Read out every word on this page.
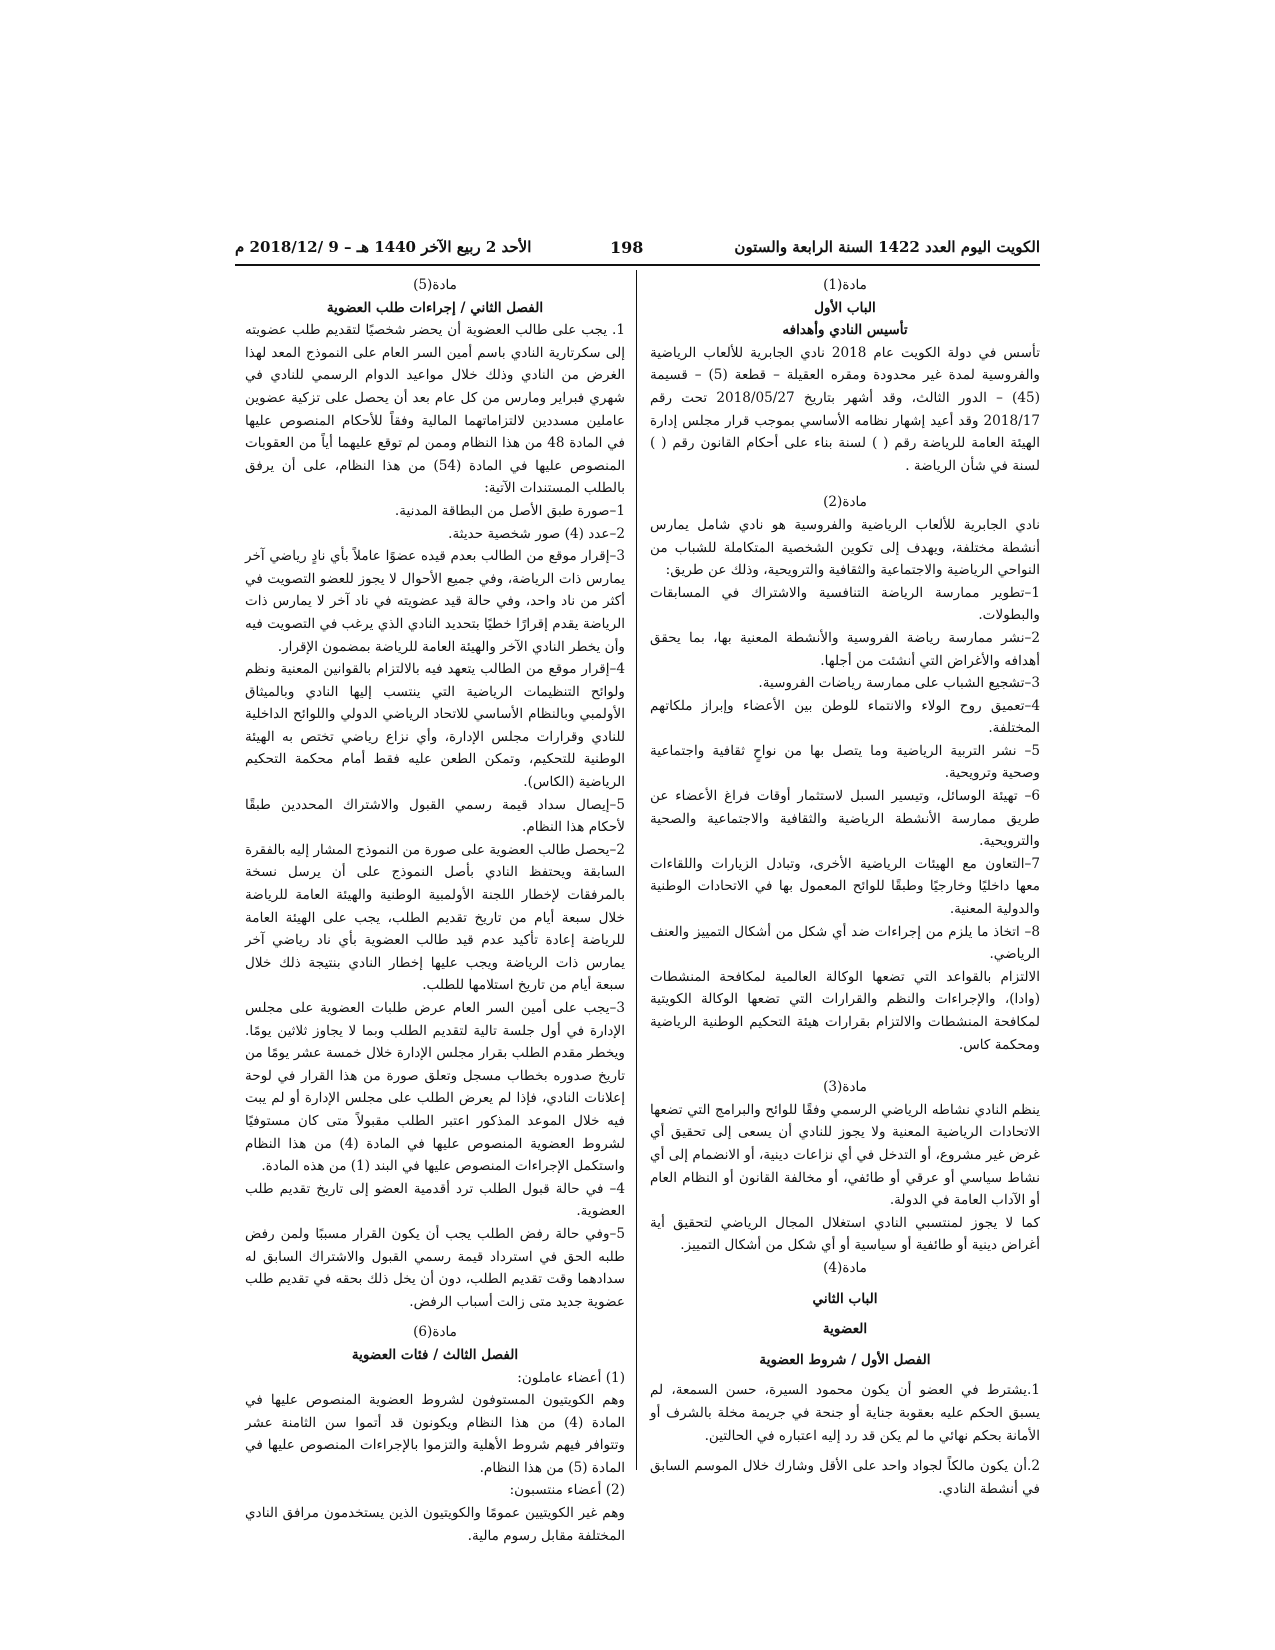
الكويت اليوم العدد 1422 السنة الرابعة والستون
198
الأحد 2 ربيع الآخر 1440 هـ – 9 /2018/12 م

مادة(1)

الباب الأول

تأسيس النادي وأهدافه

تأسس في دولة الكويت عام 2018 نادي الجابرية للألعاب الرياضية والفروسية لمدة غير محدودة ومقره العقيلة – قطعة (5) – قسيمة (45) – الدور الثالث، وقد أشهر بتاريخ 2018/05/27 تحت رقم 2018/17 وقد أعيد إشهار نظامه الأساسي بموجب قرار مجلس إدارة الهيئة العامة للرياضة رقم ( ) لسنة بناء على أحكام القانون رقم ( ) لسنة في شأن الرياضة .

مادة(2)

نادي الجابرية للألعاب الرياضية والفروسية هو نادي شامل يمارس أنشطة مختلفة، ويهدف إلى تكوين الشخصية المتكاملة للشباب من النواحي الرياضية والاجتماعية والثقافية والترويحية، وذلك عن طريق:

1–تطوير ممارسة الرياضة التنافسية والاشتراك في المسابقات والبطولات.

2–نشر ممارسة رياضة الفروسية والأنشطة المعنية بها، بما يحقق أهدافه والأغراض التي أنشئت من أجلها.

3–تشجيع الشباب على ممارسة رياضات الفروسية.

4–تعميق روح الولاء والانتماء للوطن بين الأعضاء وإبراز ملكاتهم المختلفة.

5– نشر التربية الرياضية وما يتصل بها من نواحٍ ثقافية واجتماعية وصحية وترويحية.

6– تهيئة الوسائل، وتيسير السبل لاستثمار أوقات فراغ الأعضاء عن طريق ممارسة الأنشطة الرياضية والثقافية والاجتماعية والصحية والترويحية.

7–التعاون مع الهيئات الرياضية الأخرى، وتبادل الزيارات واللقاءات معها داخليًا وخارجيًا وطبقًا للوائح المعمول بها في الاتحادات الوطنية والدولية المعنية.

8– اتخاذ ما يلزم من إجراءات ضد أي شكل من أشكال التمييز والعنف الرياضي.

الالتزام بالقواعد التي تضعها الوكالة العالمية لمكافحة المنشطات (وادا)، والإجراءات والنظم والقرارات التي تضعها الوكالة الكويتية لمكافحة المنشطات والالتزام بقرارات هيئة التحكيم الوطنية الرياضية ومحكمة كاس.

مادة(3)

ينظم النادي نشاطه الرياضي الرسمي وفقًا للوائح والبرامج التي تضعها الاتحادات الرياضية المعنية ولا يجوز للنادي أن يسعى إلى تحقيق أي غرض غير مشروع، أو التدخل في أي نزاعات دينية، أو الانضمام إلى أي نشاط سياسي أو عرقي أو طائفي، أو مخالفة القانون أو النظام العام أو الآداب العامة في الدولة.

كما لا يجوز لمنتسبي النادي استغلال المجال الرياضي لتحقيق أية أغراض دينية أو طائفية أو سياسية أو أي شكل من أشكال التمييز.

مادة(4)

الباب الثاني

العضوية

الفصل الأول / شروط العضوية

1.يشترط في العضو أن يكون محمود السيرة، حسن السمعة، لم يسبق الحكم عليه بعقوبة جناية أو جنحة في جريمة مخلة بالشرف أو الأمانة بحكم نهائي ما لم يكن قد رد إليه اعتباره في الحالتين.

2.أن يكون مالكاً لجواد واحد على الأقل وشارك خلال الموسم السابق في أنشطة النادي.

مادة(5)

الفصل الثاني / إجراءات طلب العضوية

1. يجب على طالب العضوية أن يحضر شخصيًا لتقديم طلب عضويته إلى سكرتارية النادي باسم أمين السر العام على النموذج المعد لهذا الغرض من النادي وذلك خلال مواعيد الدوام الرسمي للنادي في شهري فبراير ومارس من كل عام بعد أن يحصل على تزكية عضوين عاملين مسددين لالتزاماتهما المالية وفقاً للأحكام المنصوص عليها في المادة 48 من هذا النظام وممن لم توقع عليهما أياً من العقوبات المنصوص عليها في المادة (54) من هذا النظام، على أن يرفق بالطلب المستندات الآتية:

1–صورة طبق الأصل من البطاقة المدنية.

2–عدد (4) صور شخصية حديثة.

3–إقرار موقع من الطالب بعدم قيده عضوًا عاملاً بأي نادٍ رياضي آخر يمارس ذات الرياضة، وفي جميع الأحوال لا يجوز للعضو التصويت في أكثر من ناد واحد، وفي حالة قيد عضويته في ناد آخر لا يمارس ذات الرياضة يقدم إقرارًا خطيًا بتحديد النادي الذي يرغب في التصويت فيه وأن يخطر النادي الآخر والهيئة العامة للرياضة بمضمون الإقرار.

4–إقرار موقع من الطالب يتعهد فيه بالالتزام بالقوانين المعنية ونظم ولوائح التنظيمات الرياضية التي ينتسب إليها النادي وبالميثاق الأولمبي وبالنظام الأساسي للاتحاد الرياضي الدولي واللوائح الداخلية للنادي وقرارات مجلس الإدارة، وأي نزاع رياضي تختص به الهيئة الوطنية للتحكيم، وتمكن الطعن عليه فقط أمام محكمة التحكيم الرياضية (الكاس).

5–إيصال سداد قيمة رسمي القبول والاشتراك المحددين طبقًا لأحكام هذا النظام.

2–يحصل طالب العضوية على صورة من النموذج المشار إليه بالفقرة السابقة ويحتفظ النادي بأصل النموذج على أن يرسل نسخة بالمرفقات لإخطار اللجنة الأولمبية الوطنية والهيئة العامة للرياضة خلال سبعة أيام من تاريخ تقديم الطلب، يجب على الهيئة العامة للرياضة إعادة تأكيد عدم قيد طالب العضوية بأي ناد رياضي آخر يمارس ذات الرياضة ويجب عليها إخطار النادي بنتيجة ذلك خلال سبعة أيام من تاريخ استلامها للطلب.

3–يجب على أمين السر العام عرض طلبات العضوية على مجلس الإدارة في أول جلسة تالية لتقديم الطلب وبما لا يجاوز ثلاثين يومًا. ويخطر مقدم الطلب بقرار مجلس الإدارة خلال خمسة عشر يومًا من تاريخ صدوره بخطاب مسجل وتعلق صورة من هذا القرار في لوحة إعلانات النادي، فإذا لم يعرض الطلب على مجلس الإدارة أو لم يبت فيه خلال الموعد المذكور اعتبر الطلب مقبولاً متى كان مستوفيًا لشروط العضوية المنصوص عليها في المادة (4) من هذا النظام واستكمل الإجراءات المنصوص عليها في البند (1) من هذه المادة.

4– في حالة قبول الطلب ترد أقدمية العضو إلى تاريخ تقديم طلب العضوية.

5–وفي حالة رفض الطلب يجب أن يكون القرار مسببًا ولمن رفض طلبه الحق في استرداد قيمة رسمي القبول والاشتراك السابق له سدادهما وقت تقديم الطلب، دون أن يخل ذلك بحقه في تقديم طلب عضوية جديد متى زالت أسباب الرفض.

مادة(6)

الفصل الثالث / فئات العضوية

(1) أعضاء عاملون:

وهم الكويتيون المستوفون لشروط العضوية المنصوص عليها في المادة (4) من هذا النظام ويكونون قد أتموا سن الثامنة عشر وتتوافر فيهم شروط الأهلية والتزموا بالإجراءات المنصوص عليها في المادة (5) من هذا النظام.

(2) أعضاء منتسبون:

وهم غير الكويتيين عمومًا والكويتيون الذين يستخدمون مرافق النادي المختلفة مقابل رسوم مالية.
